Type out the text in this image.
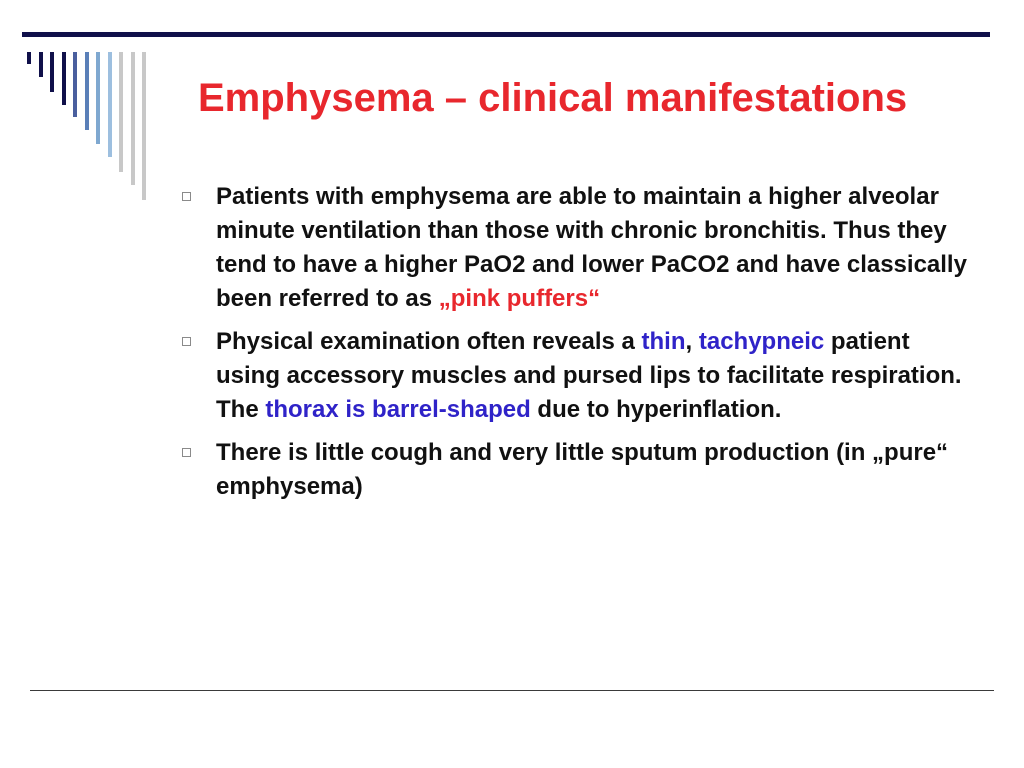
Emphysema – clinical manifestations
Patients with emphysema are able to maintain a higher alveolar minute ventilation than those with chronic bronchitis. Thus they tend to have a higher PaO2 and lower PaCO2 and have classically been referred to as „pink puffers“
Physical examination often reveals a thin, tachypneic patient using accessory muscles and pursed lips to facilitate respiration. The thorax is barrel-shaped due to hyperinflation.
There is little cough and very little sputum production (in „pure“ emphysema)
